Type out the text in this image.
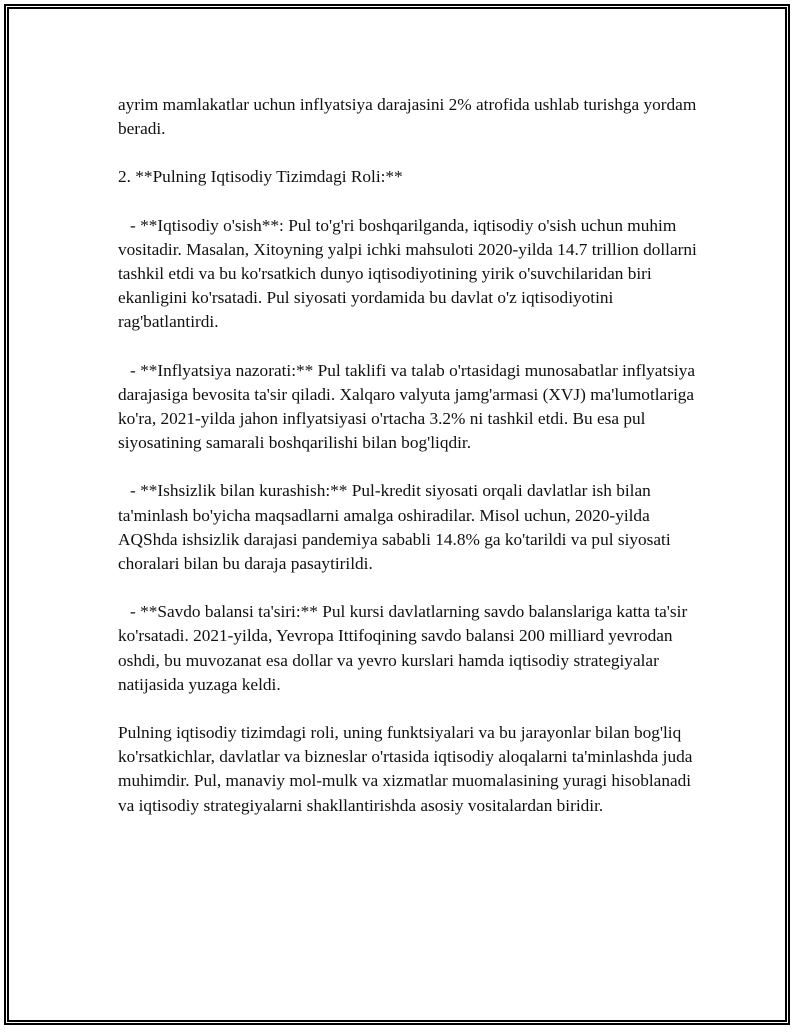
ayrim mamlakatlar uchun inflyatsiya darajasini 2% atrofida ushlab turishga yordam beradi.

2. **Pulning Iqtisodiy Tizimdagi Roli:**

- **Iqtisodiy o'sish**: Pul to'g'ri boshqarilganda, iqtisodiy o'sish uchun muhim vositadir. Masalan, Xitoyning yalpi ichki mahsuloti 2020-yilda 14.7 trillion dollarni tashkil etdi va bu ko'rsatkich dunyo iqtisodiyotining yirik o'suvchilaridan biri ekanligini ko'rsatadi. Pul siyosati yordamida bu davlat o'z iqtisodiyotini rag'batlantirdi.

- **Inflyatsiya nazorati:** Pul taklifi va talab o'rtasidagi munosabatlar inflyatsiya darajasiga bevosita ta'sir qiladi. Xalqaro valyuta jamg'armasi (XVJ) ma'lumotlariga ko'ra, 2021-yilda jahon inflyatsiyasi o'rtacha 3.2% ni tashkil etdi. Bu esa pul siyosatining samarali boshqarilishi bilan bog'liqdir.

- **Ishsizlik bilan kurashish:** Pul-kredit siyosati orqali davlatlar ish bilan ta'minlash bo'yicha maqsadlarni amalga oshiradilar. Misol uchun, 2020-yilda AQShda ishsizlik darajasi pandemiya sababli 14.8% ga ko'tarildi va pul siyosati choralari bilan bu daraja pasaytirildi.

- **Savdo balansi ta'siri:** Pul kursi davlatlarning savdo balanslariga katta ta'sir ko'rsatadi. 2021-yilda, Yevropa Ittifoqining savdo balansi 200 milliard yevrodan oshdi, bu muvozanat esa dollar va yevro kurslari hamda iqtisodiy strategiyalar natijasida yuzaga keldi.

Pulning iqtisodiy tizimdagi roli, uning funktsiyalari va bu jarayonlar bilan bog'liq ko'rsatkichlar, davlatlar va bizneslar o'rtasida iqtisodiy aloqalarni ta'minlashda juda muhimdir. Pul, manaviy mol-mulk va xizmatlar muomalasining yuragi hisoblanadi va iqtisodiy strategiyalarni shakllantirishda asosiy vositalardan biridir.
